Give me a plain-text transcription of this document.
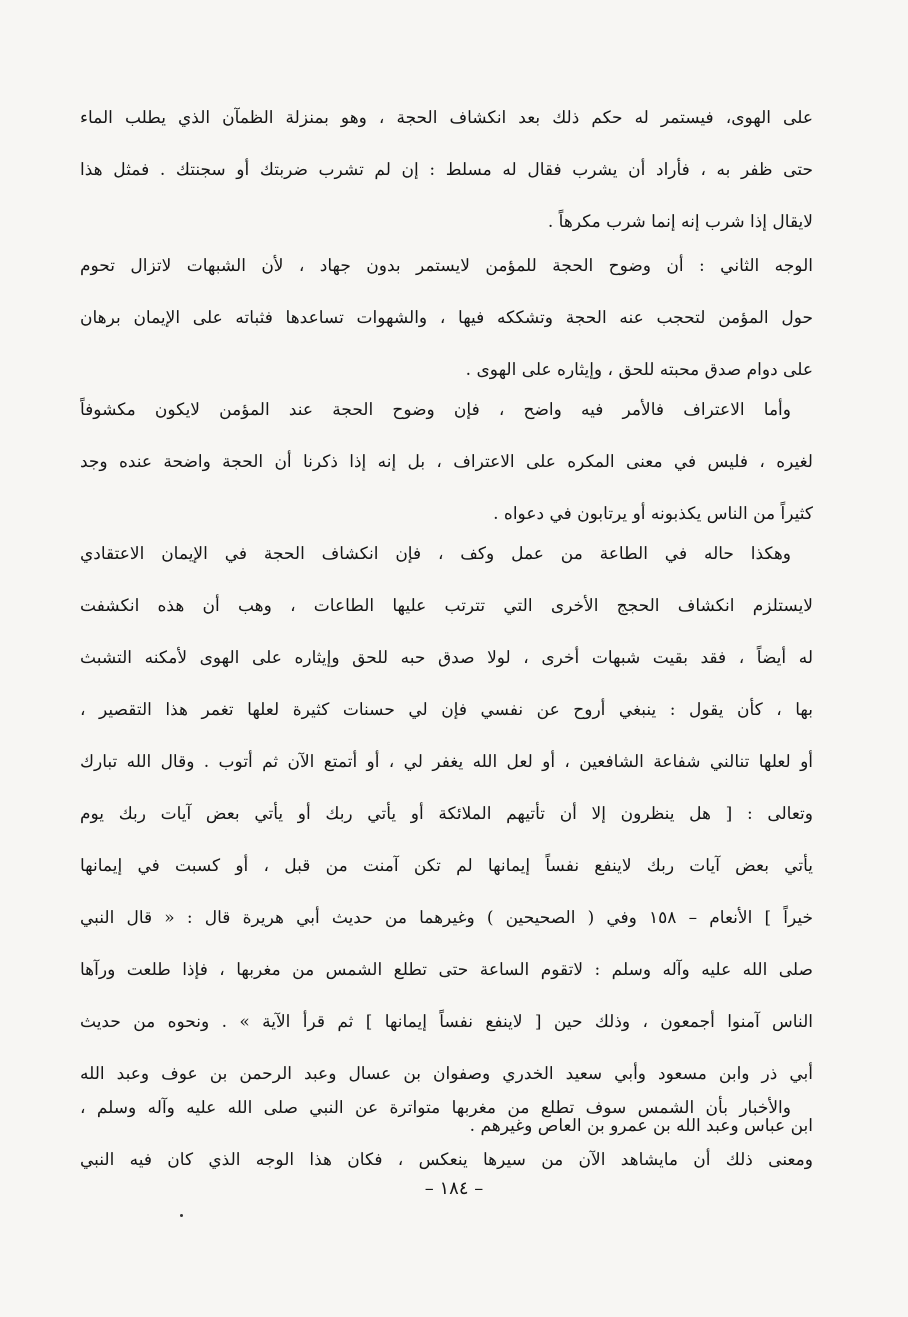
على الهوى، فيستمر له حكم ذلك بعد انكشاف الحجة ، وهو بمنزلة الظمآن الذي يطلب الماء
حتى ظفر به ، فأراد أن يشرب فقال له مسلط : إن لم تشرب ضربتك أو سجنتك . فمثل هذا
لايقال إذا شرب إنه إنما شرب مكرهاً .
الوجه الثاني : أن وضوح الحجة للمؤمن لايستمر بدون جهاد ، لأن الشبهات لاتزال تحوم
حول المؤمن لتحجب عنه الحجة وتشككه فيها ، والشهوات تساعدها فثباته على الإيمان برهان
على دوام صدق محبته للحق ، وإيثاره على الهوى .
وأما الاعتراف فالأمر فيه واضح ، فإن وضوح الحجة عند المؤمن لايكون مكشوفاً
لغيره ، فليس في معنى المكره على الاعتراف ، بل إنه إذا ذكرنا أن الحجة واضحة عنده وجد
كثيراً من الناس يكذبونه أو يرتابون في دعواه .
وهكذا حاله في الطاعة من عمل وكف ، فإن انكشاف الحجة في الإيمان الاعتقادي
لايستلزم انكشاف الحجج الأخرى التي تترتب عليها الطاعات ، وهب أن هذه انكشفت
له أيضاً ، فقد بقيت شبهات أخرى ، لولا صدق حبه للحق وإيثاره على الهوى لأمكنه التشبث
بها ، كأن يقول : ينبغي أروح عن نفسي فإن لي حسنات كثيرة لعلها تغمر هذا التقصير ،
أو لعلها تنالني شفاعة الشافعين ، أو لعل الله يغفر لي ، أو أتمتع الآن ثم أتوب . وقال الله تبارك
وتعالى : [ هل ينظرون إلا أن تأتيهم الملائكة أو يأتي ربك أو يأتي بعض آيات ربك يوم
يأتي بعض آيات ربك لاينفع نفساً إيمانها لم تكن آمنت من قبل ، أو كسبت في إيمانها
خيراً ] الأنعام – ١٥٨ وفي ( الصحيحين ) وغيرهما من حديث أبي هريرة قال : « قال النبي
صلى الله عليه وآله وسلم : لاتقوم الساعة حتى تطلع الشمس من مغربها ، فإذا طلعت ورآها
الناس آمنوا أجمعون ، وذلك حين [ لاينفع نفساً إيمانها ] ثم قرأ الآية » . ونحوه من حديث
أبي ذر وابن مسعود وأبي سعيد الخدري وصفوان بن عسال وعبد الرحمن بن عوف وعبد الله
ابن عباس وعبد الله بن عمرو بن العاص وغيرهم .
والأخبار بأن الشمس سوف تطلع من مغربها متواترة عن النبي صلى الله عليه وآله وسلم ،
ومعنى ذلك أن مايشاهد الآن من سيرها ينعكس ، فكان هذا الوجه الذي كان فيه النبي
– ١٨٤ –
